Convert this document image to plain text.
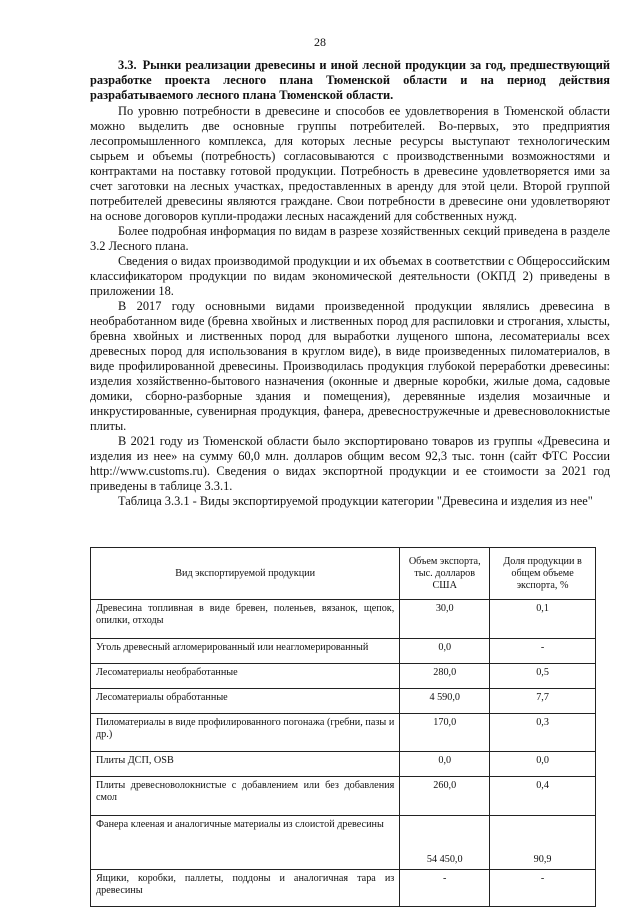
28

3.3. Рынки реализации древесины и иной лесной продукции за год, предшествующий разработке проекта лесного плана Тюменской области и на период действия разрабатываемого лесного плана Тюменской области.

По уровню потребности в древесине и способов ее удовлетворения в Тюменской области можно выделить две основные группы потребителей. Во-первых, это предприятия лесопромышленного комплекса, для которых лесные ресурсы выступают технологическим сырьем и объемы (потребность) согласовываются с производственными возможностями и контрактами на поставку готовой продукции. Потребность в древесине удовлетворяется ими за счет заготовки на лесных участках, предоставленных в аренду для этой цели. Второй группой потребителей древесины являются граждане. Свои потребности в древесине они удовлетворяют на основе договоров купли-продажи лесных насаждений для собственных нужд.

Более подробная информация по видам в разрезе хозяйственных секций приведена в разделе 3.2 Лесного плана.

Сведения о видах производимой продукции и их объемах в соответствии с Общероссийским классификатором продукции по видам экономической деятельности (ОКПД 2) приведены в приложении 18.

В 2017 году основными видами произведенной продукции являлись древесина в необработанном виде (бревна хвойных и лиственных пород для распиловки и строгания, хлысты, бревна хвойных и лиственных пород для выработки лущеного шпона, лесоматериалы всех древесных пород для использования в круглом виде), в виде произведенных пиломатериалов, в виде профилированной древесины. Производилась продукция глубокой переработки древесины: изделия хозяйственно-бытового назначения (оконные и дверные коробки, жилые дома, садовые домики, сборно-разборные здания и помещения), деревянные изделия мозаичные и инкрустированные, сувенирная продукция, фанера, древесностружечные и древесноволокнистые плиты.

В 2021 году из Тюменской области было экспортировано товаров из группы «Древесина и изделия из нее» на сумму 60,0 млн. долларов общим весом 92,3 тыс. тонн (сайт ФТС России http://www.customs.ru). Сведения о видах экспортной продукции и ее стоимости за 2021 год приведены в таблице 3.3.1.

Таблица 3.3.1 - Виды экспортируемой продукции категории "Древесина и изделия из нее"

Вид экспортируемой продукции	Объем экспорта, тыс. долларов США	Доля продукции в общем объеме экспорта, %
Древесина топливная в виде бревен, поленьев, вязанок, щепок, опилки, отходы	30,0	0,1
Уголь древесный агломерированный или неагломерированный	0,0	-
Лесоматериалы необработанные	280,0	0,5
Лесоматериалы обработанные	4 590,0	7,7
Пиломатериалы в виде профилированного погонажа (гребни, пазы и др.)	170,0	0,3
Плиты ДСП, OSB	0,0	0,0
Плиты древесноволокнистые с добавлением или без добавления смол	260,0	0,4
Фанера клееная и аналогичные материалы из слоистой древесины	54 450,0	90,9
Ящики, коробки, паллеты, поддоны и аналогичная тара из древесины	-	-
